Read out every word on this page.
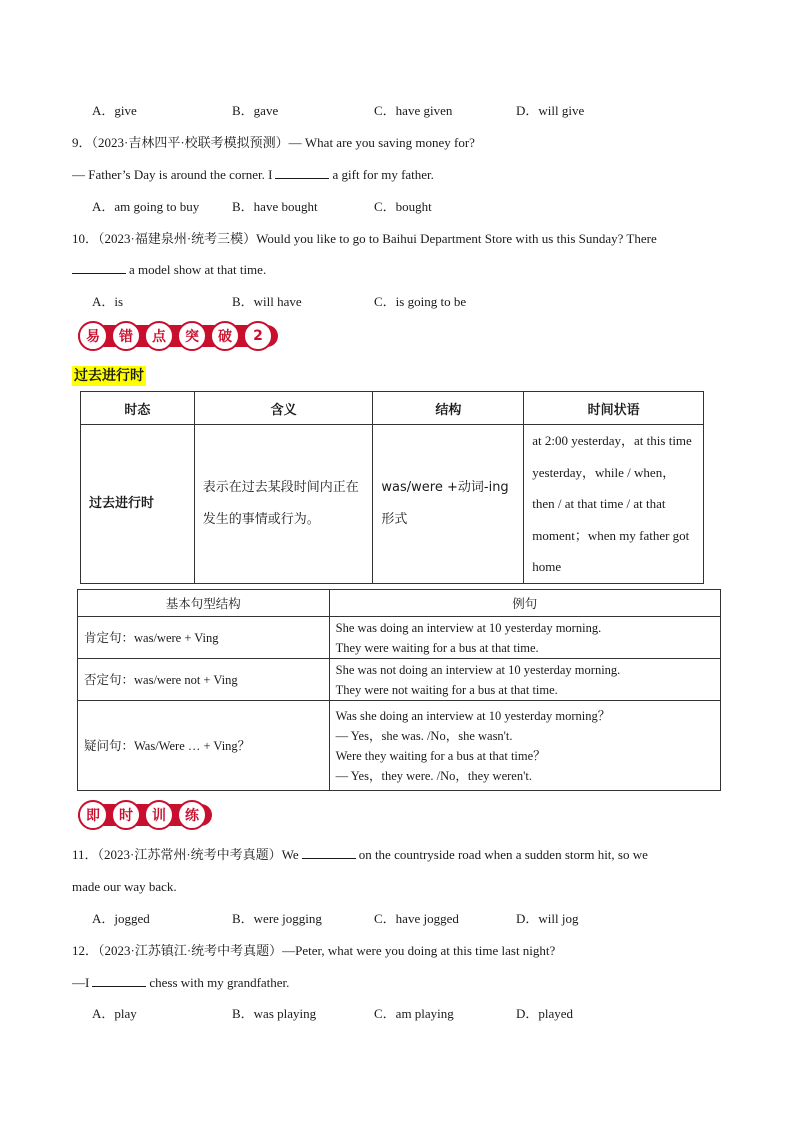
A．give	B．gave	C．have given	D．will give
9．（2023·吉林四平·校联考模拟预测）— What are you saving money for?
— Father’s Day is around the corner. I	a gift for my father.
A．am going to buy	B．have bought	C．bought
10．（2023·福建泉州·统考三模）Would you like to go to Baihui Department Store with us this Sunday? There
a model show at that time.
A．is	B．will have	C．is going to be
易	错	点	突	破	2
过去进行时
时态	含义	结构	时间状语
过去进行时	表示在过去某段时间内正在发生的事情或行为。	was/were +动词-ing形式	at 2:00 yesterday，at this time yesterday，while / when，then / at that time / at that moment；when my father got home
基本句型结构	例句
肯定句：was/were + Ving	She was doing an interview at 10 yesterday morning.
They were waiting for a bus at that time.

否定句：was/were not + Ving	She was not doing an interview at 10 yesterday morning.
They were not waiting for a bus at that time.

疑问句：Was/Were … + Ving？	Was she doing an interview at 10 yesterday morning？
— Yes，she was. /No，she wasn't.
Were they waiting for a bus at that time？
— Yes，they were. /No，they weren't.
即	时	训	练
11．（2023·江苏常州·统考中考真题）We	on the countryside road when a sudden storm hit, so we
made our way back.
A．jogged	B．were jogging	C．have jogged	D．will jog
12．（2023·江苏镇江·统考中考真题）—Peter, what were you doing at this time last night?
—I	chess with my grandfather.
A．play	B．was playing	C．am playing	D．played
